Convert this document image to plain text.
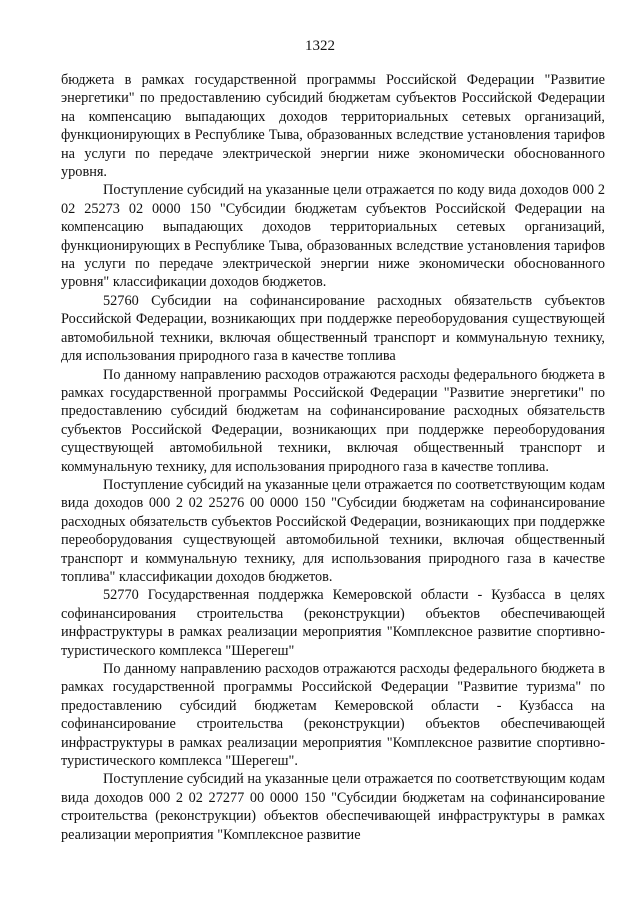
1322

бюджета в рамках государственной программы Российской Федерации "Развитие энергетики" по предоставлению субсидий бюджетам субъектов Российской Федерации на компенсацию выпадающих доходов территориальных сетевых организаций, функционирующих в Республике Тыва, образованных вследствие установления тарифов на услуги по передаче электрической энергии ниже экономически обоснованного уровня.

Поступление субсидий на указанные цели отражается по коду вида доходов 000 2 02 25273 02 0000 150 "Субсидии бюджетам субъектов Российской Федерации на компенсацию выпадающих доходов территориальных сетевых организаций, функционирующих в Республике Тыва, образованных вследствие установления тарифов на услуги по передаче электрической энергии ниже экономически обоснованного уровня" классификации доходов бюджетов.

52760 Субсидии на софинансирование расходных обязательств субъектов Российской Федерации, возникающих при поддержке переоборудования существующей автомобильной техники, включая общественный транспорт и коммунальную технику, для использования природного газа в качестве топлива

По данному направлению расходов отражаются расходы федерального бюджета в рамках государственной программы Российской Федерации "Развитие энергетики" по предоставлению субсидий бюджетам на софинансирование расходных обязательств субъектов Российской Федерации, возникающих при поддержке переоборудования существующей автомобильной техники, включая общественный транспорт и коммунальную технику, для использования природного газа в качестве топлива.

Поступление субсидий на указанные цели отражается по соответствующим кодам вида доходов 000 2 02 25276 00 0000 150 "Субсидии бюджетам на софинансирование расходных обязательств субъектов Российской Федерации, возникающих при поддержке переоборудования существующей автомобильной техники, включая общественный транспорт и коммунальную технику, для использования природного газа в качестве топлива" классификации доходов бюджетов.

52770 Государственная поддержка Кемеровской области - Кузбасса в целях софинансирования строительства (реконструкции) объектов обеспечивающей инфраструктуры в рамках реализации мероприятия "Комплексное развитие спортивно-туристического комплекса "Шерегеш"

По данному направлению расходов отражаются расходы федерального бюджета в рамках государственной программы Российской Федерации "Развитие туризма" по предоставлению субсидий бюджетам Кемеровской области - Кузбасса на софинансирование строительства (реконструкции) объектов обеспечивающей инфраструктуры в рамках реализации мероприятия "Комплексное развитие спортивно-туристического комплекса "Шерегеш".

Поступление субсидий на указанные цели отражается по соответствующим кодам вида доходов 000 2 02 27277 00 0000 150 "Субсидии бюджетам на софинансирование строительства (реконструкции) объектов обеспечивающей инфраструктуры в рамках реализации мероприятия "Комплексное развитие
